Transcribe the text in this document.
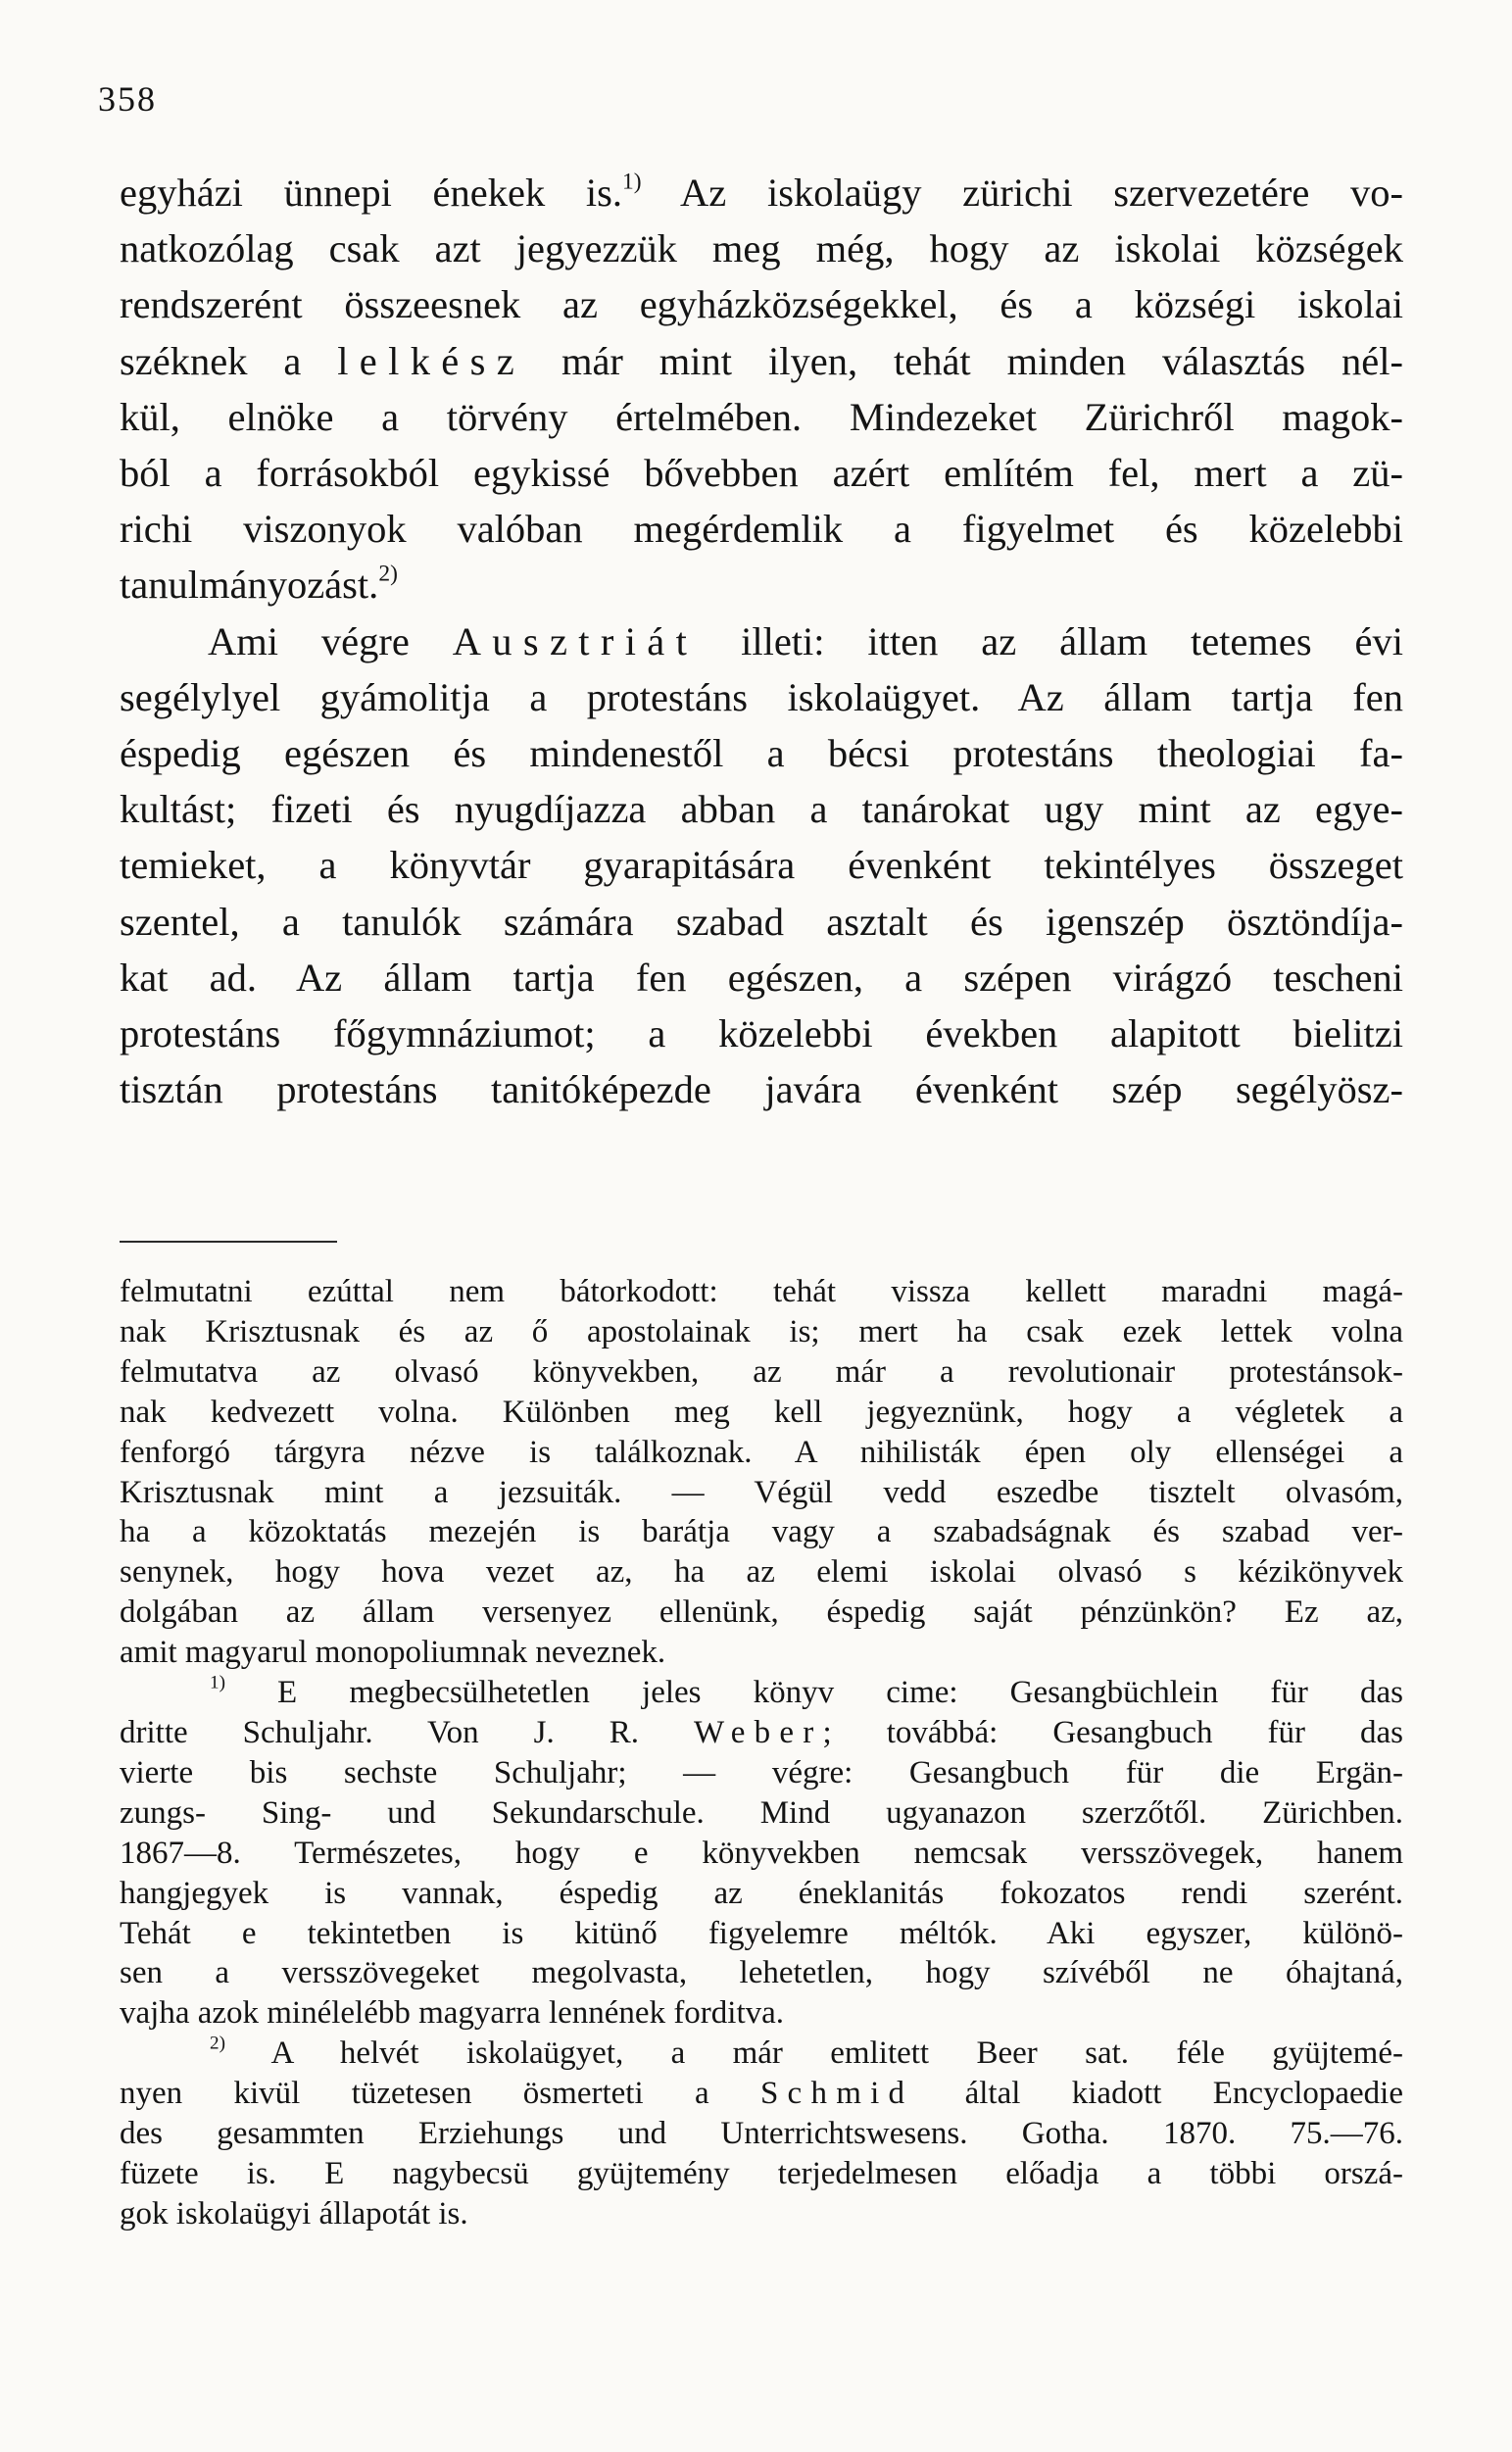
358
egyházi ünnepi énekek is.$^{1)}$ Az iskolaügy zürichi szervezetére vo-
natkozólag csak azt jegyezzük meg még, hogy az iskolai községek
rendszerént összeesnek az egyházközségekkel, és a községi iskolai
széknek a lelkész már mint ilyen, tehát minden választás nél-
kül, elnöke a törvény értelmében. Mindezeket Zürichről magok-
ból a forrásokból egykissé bővebben azért említém fel, mert a zü-
richi viszonyok valóban megérdemlik a figyelmet és közelebbi
tanulmányozást.$^{2)}$
Ami végre Ausztriát illeti: itten az állam tetemes évi
segélylyel gyámolitja a protestáns iskolaügyet. Az állam tartja fen
éspedig egészen és mindenestől a bécsi protestáns theologiai fa-
kultást; fizeti és nyugdíjazza abban a tanárokat ugy mint az egye-
temieket, a könyvtár gyarapitására évenként tekintélyes összeget
szentel, a tanulók számára szabad asztalt és igenszép ösztöndíja-
kat ad. Az állam tartja fen egészen, a szépen virágzó tescheni
protestáns főgymnáziumot; a közelebbi években alapitott bielitzi
tisztán protestáns tanitóképezde javára évenként szép segélyösz-
felmutatni ezúttal nem bátorkodott: tehát vissza kellett maradni magá-
nak Krisztusnak és az ő apostolainak is; mert ha csak ezek lettek volna
felmutatva az olvasó könyvekben, az már a revolutionair protestánsok-
nak kedvezett volna. Különben meg kell jegyeznünk, hogy a végletek a
fenforgó tárgyra nézve is találkoznak. A nihilisták épen oly ellenségei a
Krisztusnak mint a jezsuiták. — Végül vedd eszedbe tisztelt olvasóm,
ha a közoktatás mezején is barátja vagy a szabadságnak és szabad ver-
senynek, hogy hova vezet az, ha az elemi iskolai olvasó s kézikönyvek
dolgában az állam versenyez ellenünk, éspedig saját pénzünkön? Ez az,
amit magyarul monopoliumnak neveznek.
$^{1)}$ E megbecsülhetetlen jeles könyv cime: Gesangbüchlein für das
dritte Schuljahr. Von J. R. Weber; továbbá: Gesangbuch für das
vierte bis sechste Schuljahr; — végre: Gesangbuch für die Ergän-
zungs- Sing- und Sekundarschule. Mind ugyanazon szerzőtől. Zürichben.
1867—8. Természetes, hogy e könyvekben nemcsak versszövegek, hanem
hangjegyek is vannak, éspedig az éneklanitás fokozatos rendi szerént.
Tehát e tekintetben is kitünő figyelemre méltók. Aki egyszer, különö-
sen a versszövegeket megolvasta, lehetetlen, hogy szívéből ne óhajtaná,
vajha azok minélelébb magyarra lennének forditva.
$^{2)}$ A helvét iskolaügyet, a már emlitett Beer sat. féle gyüjtemé-
nyen kivül tüzetesen ösmerteti a Schmid által kiadott Encyclopaedie
des gesammten Erziehungs und Unterrichtswesens. Gotha. 1870. 75.—76.
füzete is. E nagybecsü gyüjtemény terjedelmesen előadja a többi orszá-
gok iskolaügyi állapotát is.
